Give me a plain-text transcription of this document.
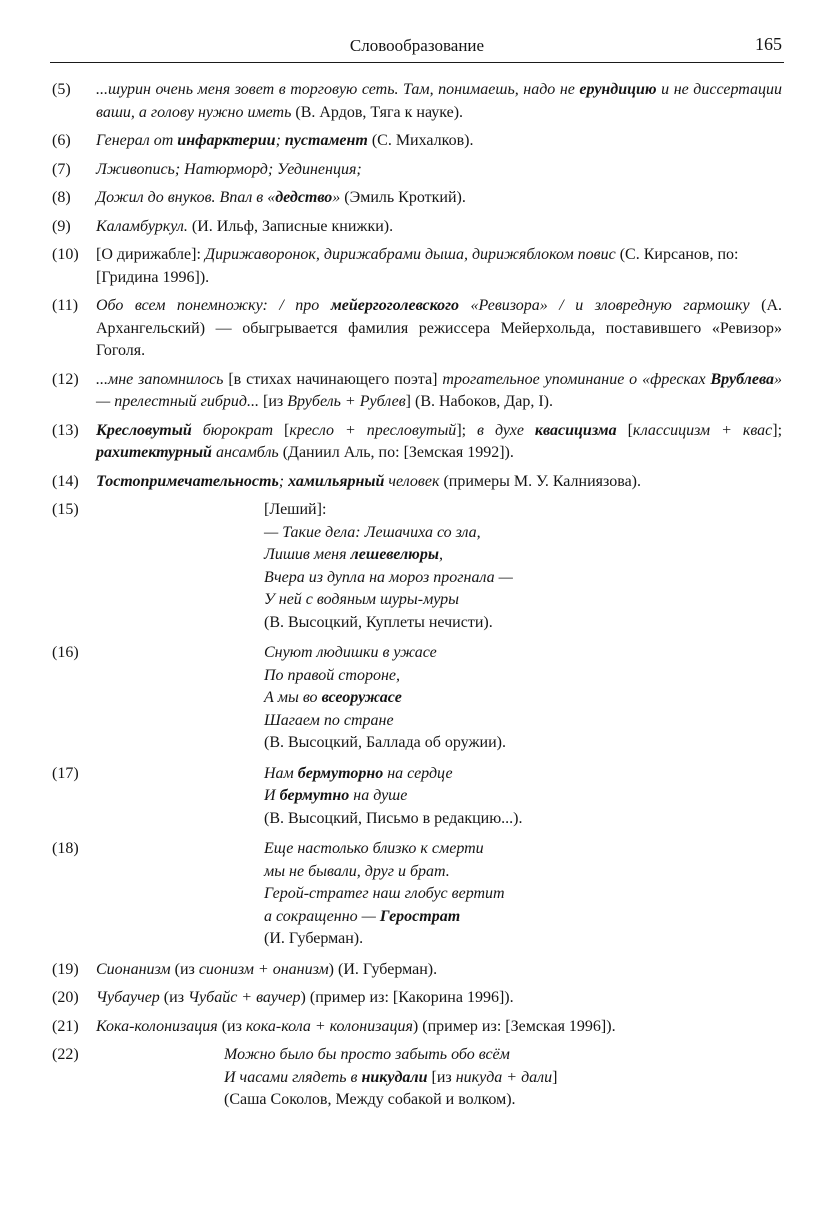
Словообразование	165
(5)	...шурин очень меня зовет в торговую сеть. Там, понимаешь, надо не ерундицию и не диссертации ваши, а голову нужно иметь (В. Ардов, Тяга к науке).
(6)	Генерал от инфарктерии; пустамент (С. Михалков).
(7)	Лживопись; Натюрморд; Уединенция;
(8)	Дожил до внуков. Впал в «дедство» (Эмиль Кроткий).
(9)	Каламбуркул. (И. Ильф, Записные книжки).
(10)	[О дирижабле]: Дирижаворонок, дирижабрами дыша, дирижяблоком повис (С. Кирсанов, по: [Гридина 1996]).
(11)	Обо всем понемножку: / про мейергоголевского «Ревизора» / и зловредную гармошку (А. Архангельский) — обыгрывается фамилия режиссера Мейерхольда, поставившего «Ревизор» Гоголя.
(12)	...мне запомнилось [в стихах начинающего поэта] трогательное упоминание о «фресках Врублева» — прелестный гибрид... [из Врубель + Рублев] (В. Набоков, Дар, I).
(13)	Кресловутый бюрократ [кресло + пресловутый]; в духе квасицизма [классицизм + квас]; рахитектурный ансамбль (Даниил Аль, по: [Земская 1992]).
(14)	Тостопримечательность; хамильярный человек (примеры М. У. Калниязова).
(15)	[Леший]:
— Такие дела: Лешачиха со зла,
Лишив меня лешевелюры,
Вчера из дупла на мороз прогнала —
У ней с водяным шуры-муры
(В. Высоцкий, Куплеты нечисти).
(16)	Снуют людишки в ужасе
По правой стороне,
А мы во всеоружасе
Шагаем по стране
(В. Высоцкий, Баллада об оружии).
(17)	Нам бермуторно на сердце
И бермутно на душе
(В. Высоцкий, Письмо в редакцию...).
(18)	Еще настолько близко к смерти
мы не бывали, друг и брат.
Герой-стратег наш глобус вертит
а сокращенно — Герострат
(И. Губерман).
(19)	Сионанизм (из сионизм + онанизм) (И. Губерман).
(20)	Чубаучер (из Чубайс + ваучер) (пример из: [Какорина 1996]).
(21)	Кока-колонизация (из кока-кола + колонизация) (пример из: [Земская 1996]).
(22)	Можно было бы просто забыть обо всём
И часами глядеть в никудали [из никуда + дали]
(Саша Соколов, Между собакой и волком).
